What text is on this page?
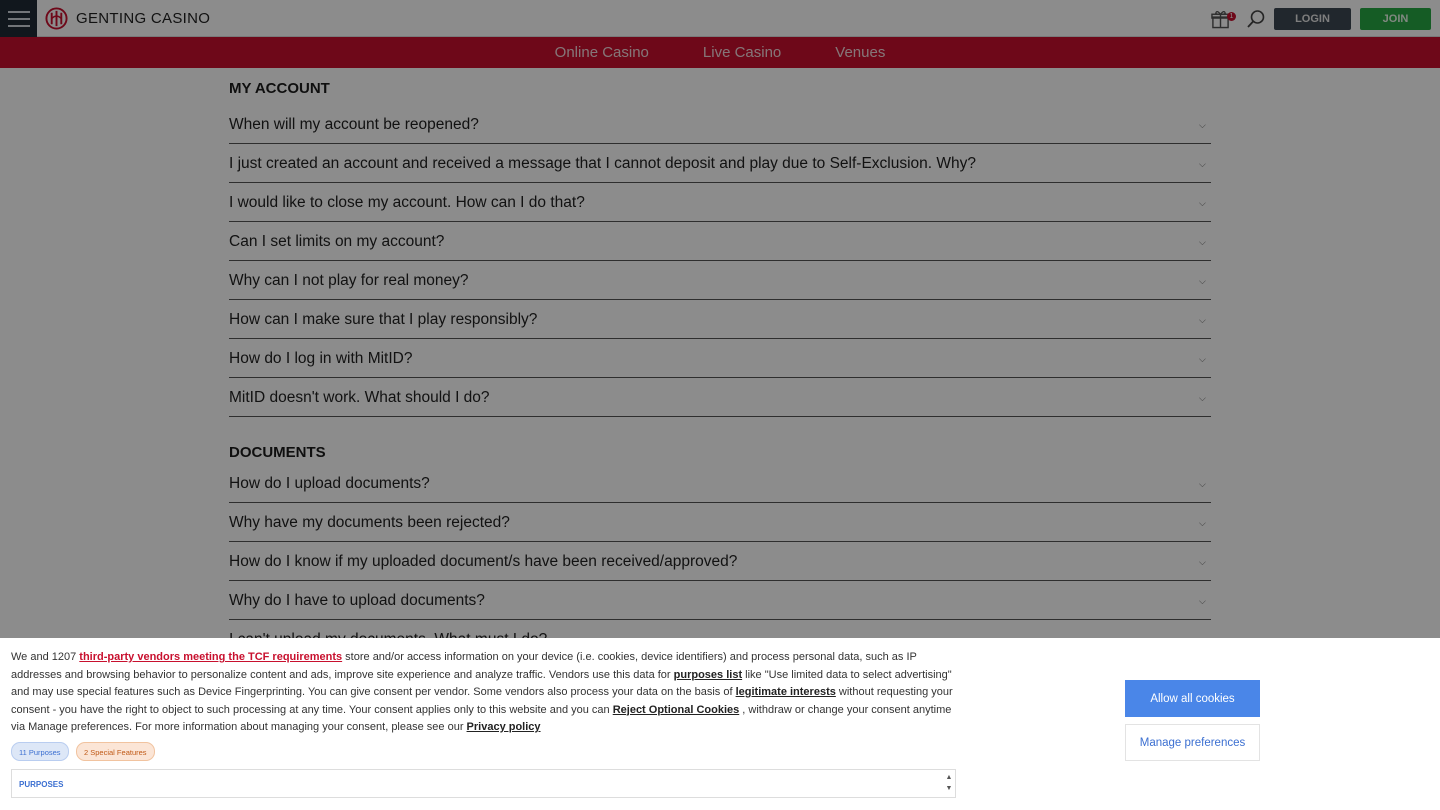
GENTING CASINO	1	LOGIN	JOIN
Online Casino	Live Casino	Venues
MY ACCOUNT
When will my account be reopened?	⌵
I just created an account and received a message that I cannot deposit and play due to Self-Exclusion. Why?	⌵
I would like to close my account. How can I do that?	⌵
Can I set limits on my account?	⌵
Why can I not play for real money?	⌵
How can I make sure that I play responsibly?	⌵
How do I log in with MitID?	⌵
MitID doesn't work. What should I do?	⌵
DOCUMENTS
How do I upload documents?	⌵
Why have my documents been rejected?	⌵
How do I know if my uploaded document/s have been received/approved?	⌵
Why do I have to upload documents?	⌵

We and 1207 third-party vendors meeting the TCF requirements store and/or access information on your device (i.e. cookies, device identifiers) and process personal data, such as IP addresses and browsing behavior to personalize content and ads, improve site experience and analyze traffic. Vendors use this data for purposes list like "Use limited data to select advertising" and may use special features such as Device Fingerprinting. You can give consent per vendor. Some vendors also process your data on the basis of legitimate interests without requesting your consent - you have the right to object to such processing at any time. Your consent applies only to this website and you can Reject Optional Cookies , withdraw or change your consent anytime via Manage preferences. For more information about managing your consent, please see our Privacy policy

11 Purposes	2 Special Features
PURPOSES
▲
▼
Allow all cookies
Manage preferences
